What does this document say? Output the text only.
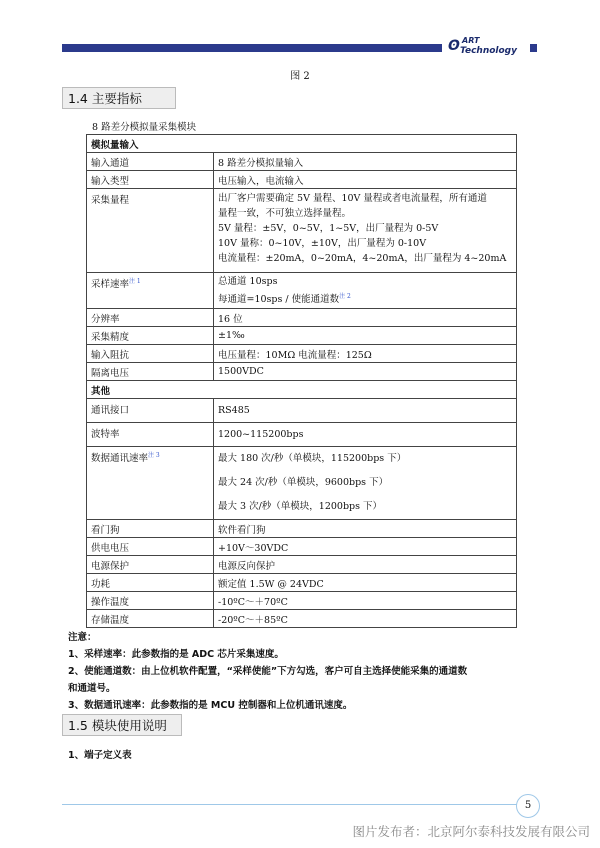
ʘ ART
Technology
图 2
1.4 主要指标
8 路差分模拟量采集模块
模拟量输入	
输入通道	8 路差分模拟量输入
输入类型	电压输入，电流输入
采集量程	出厂客户需要确定 5V 量程、10V 量程或者电流量程，所有通道
量程一致，不可独立选择量程。
5V 量程：±5V，0~5V，1~5V，出厂量程为 0-5V
10V 量称：0~10V，±10V，出厂量程为 0-10V
电流量程：±20mA，0~20mA，4~20mA，出厂量程为 4~20mA

采样速率$^{注 1}$	总通道 10sps
每通道=10sps / 使能通道数$^{注 2}$

分辨率	16 位
采集精度	±1‰
输入阻抗	电压量程：10MΩ 电流量程：125Ω
隔离电压	1500VDC
其他	
通讯接口	RS485
波特率	1200~115200bps
数据通讯速率$^{注 3}$	最大 180 次/秒（单模块，115200bps 下）
最大 24 次/秒（单模块，9600bps 下）
最大 3 次/秒（单模块，1200bps 下）

看门狗	软件看门狗
供电电压	+10V～30VDC
电源保护	电源反向保护
功耗	额定值 1.5W @ 24VDC
操作温度	-10ºC～＋70ºC
存储温度	-20ºC～＋85ºC
注意：
1、采样速率：此参数指的是 ADC 芯片采集速度。
2、使能通道数：由上位机软件配置，“采样使能”下方勾选，客户可自主选择使能采集的通道数
和通道号。
3、数据通讯速率：此参数指的是 MCU 控制器和上位机通讯速度。
1.5 模块使用说明
1、端子定义表
5
图片发布者：北京阿尔泰科技发展有限公司
